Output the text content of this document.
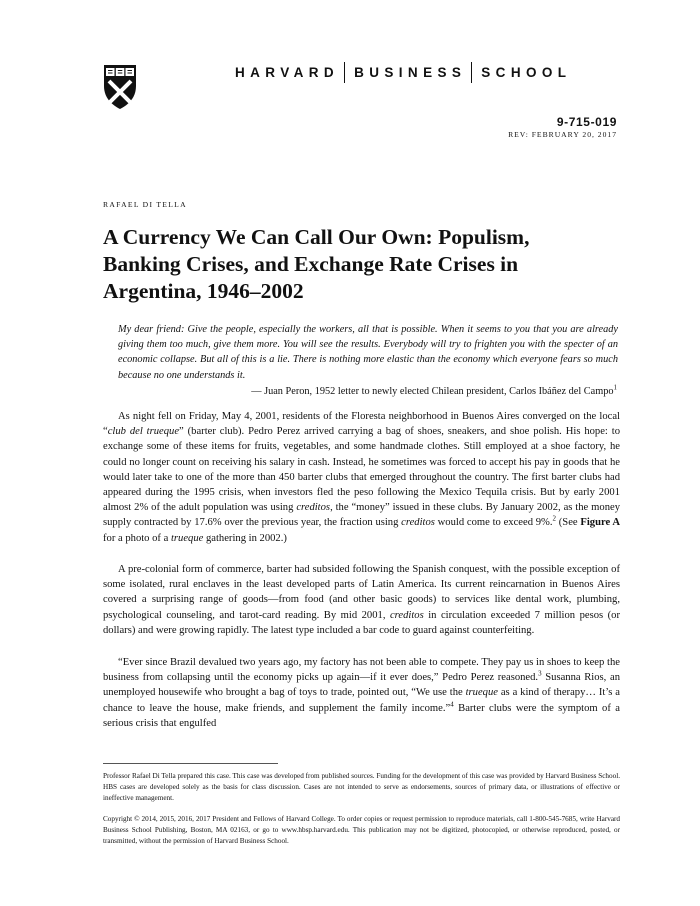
HARVARD BUSINESS SCHOOL
9-715-019
REV: FEBRUARY 20, 2017
RAFAEL DI TELLA
A Currency We Can Call Our Own: Populism, Banking Crises, and Exchange Rate Crises in Argentina, 1946–2002

My dear friend: Give the people, especially the workers, all that is possible. When it seems to you that you are already giving them too much, give them more. You will see the results. Everybody will try to frighten you with the specter of an economic collapse. But all of this is a lie. There is nothing more elastic than the economy which everyone fears so much because no one understands it.

— Juan Peron, 1952 letter to newly elected Chilean president, Carlos Ibáñez del Campo$^1$

As night fell on Friday, May 4, 2001, residents of the Floresta neighborhood in Buenos Aires converged on the local “club del trueque” (barter club). Pedro Perez arrived carrying a bag of shoes, sneakers, and shoe polish. His hope: to exchange some of these items for fruits, vegetables, and some handmade clothes. Still employed at a shoe factory, he could no longer count on receiving his salary in cash. Instead, he sometimes was forced to accept his pay in goods that he would later take to one of the more than 450 barter clubs that emerged throughout the country. The first barter clubs had appeared during the 1995 crisis, when investors fled the peso following the Mexico Tequila crisis. But by early 2001 almost 2% of the adult population was using creditos, the “money” issued in these clubs. By January 2002, as the money supply contracted by 17.6% over the previous year, the fraction using creditos would come to exceed 9%.$^2$ (See Figure A for a photo of a trueque gathering in 2002.)

A pre-colonial form of commerce, barter had subsided following the Spanish conquest, with the possible exception of some isolated, rural enclaves in the least developed parts of Latin America. Its current reincarnation in Buenos Aires covered a surprising range of goods—from food (and other basic goods) to services like dental work, plumbing, psychological counseling, and tarot-card reading. By mid 2001, creditos in circulation exceeded 7 million pesos (or dollars) and were growing rapidly. The latest type included a bar code to guard against counterfeiting.

“Ever since Brazil devalued two years ago, my factory has not been able to compete. They pay us in shoes to keep the business from collapsing until the economy picks up again—if it ever does,” Pedro Perez reasoned.$^3$ Susanna Rios, an unemployed housewife who brought a bag of toys to trade, pointed out, “We use the trueque as a kind of therapy… It’s a chance to leave the house, make friends, and supplement the family income.”$^4$ Barter clubs were the symptom of a serious crisis that engulfed

Professor Rafael Di Tella prepared this case. This case was developed from published sources. Funding for the development of this case was provided by Harvard Business School. HBS cases are developed solely as the basis for class discussion. Cases are not intended to serve as endorsements, sources of primary data, or illustrations of effective or ineffective management.

Copyright © 2014, 2015, 2016, 2017 President and Fellows of Harvard College. To order copies or request permission to reproduce materials, call 1-800-545-7685, write Harvard Business School Publishing, Boston, MA 02163, or go to www.hbsp.harvard.edu. This publication may not be digitized, photocopied, or otherwise reproduced, posted, or transmitted, without the permission of Harvard Business School.
